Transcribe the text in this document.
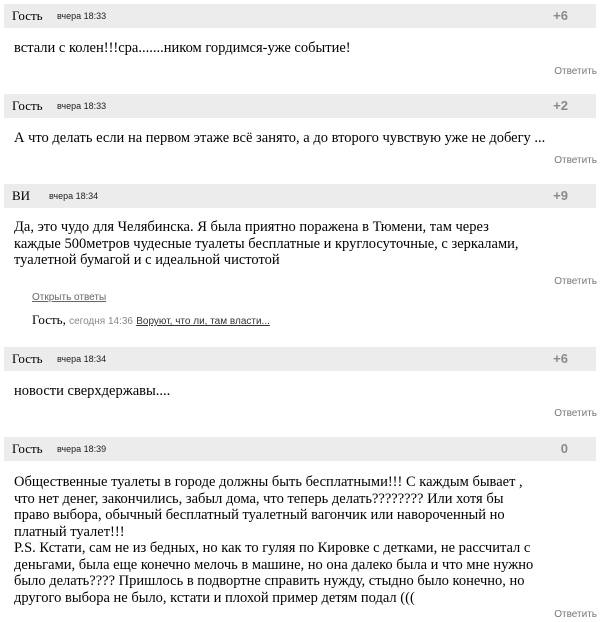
Гость вчера 18:33	+6
встали с колен!!!сра.......ником гордимся-уже событие!
Ответить
Гость вчера 18:33	+2
А что делать если на первом этаже всё занято, а до второго чувствую уже не добегу ...
Ответить
ВИ вчера 18:34	+9
Да, это чудо для Челябинска. Я была приятно поражена в Тюмени, там через
каждые 500метров чудесные туалеты бесплатные и круглосуточные, с зеркалами,
туалетной бумагой и с идеальной чистотой
Ответить
Открыть ответы
Гость, сегодня 14:36 Воруют, что ли, там власти...
Гость вчера 18:34	+6
новости сверхдержавы....
Ответить
Гость вчера 18:39	0
Общественные туалеты в городе должны быть бесплатными!!! С каждым бывает ,
что нет денег, закончились, забыл дома, что теперь делать???????? Или хотя бы
право выбора, обычный бесплатный туалетный вагончик или навороченный но
платный туалет!!!
P.S. Кстати, сам не из бедных, но как то гуляя по Кировке с детками, не рассчитал с
деньгами, была еще конечно мелочь в машине, но она далеко была и что мне нужно
было делать???? Пришлось в подвортне справить нужду, стыдно было конечно, но
другого выбора не было, кстати и плохой пример детям подал (((
Ответить
